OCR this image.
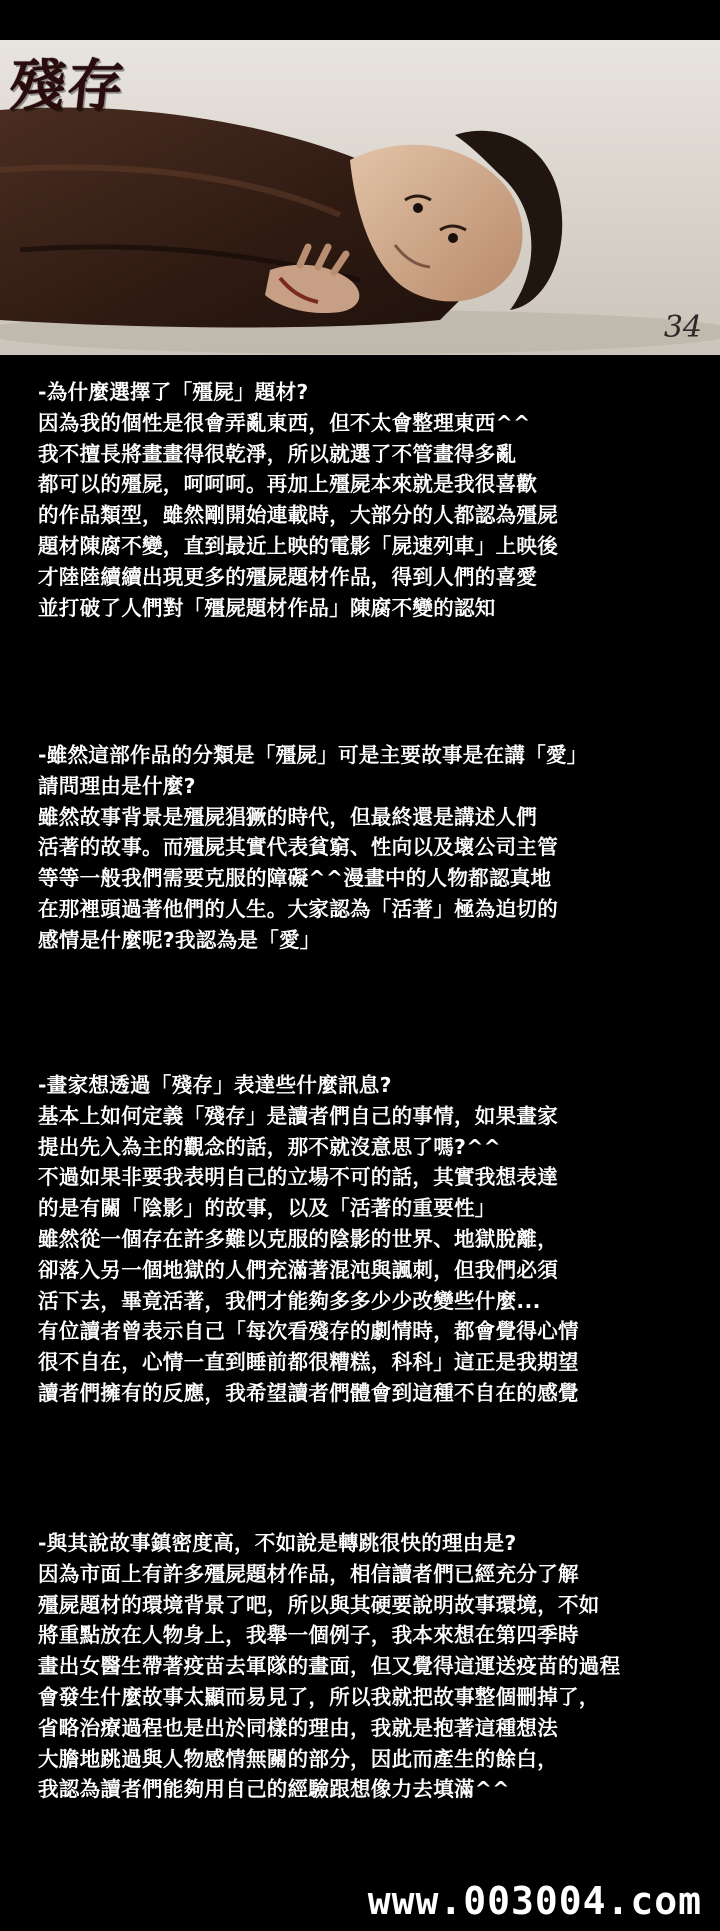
殘存
34
-為什麼選擇了「殭屍」題材?
因為我的個性是很會弄亂東西，但不太會整理東西^^
我不擅長將畫畫得很乾淨，所以就選了不管畫得多亂
都可以的殭屍，呵呵呵。再加上殭屍本來就是我很喜歡
的作品類型，雖然剛開始連載時，大部分的人都認為殭屍
題材陳腐不變，直到最近上映的電影「屍速列車」上映後
才陸陸續續出現更多的殭屍題材作品，得到人們的喜愛
並打破了人們對「殭屍題材作品」陳腐不變的認知
-雖然這部作品的分類是「殭屍」可是主要故事是在講「愛」
請問理由是什麼?
雖然故事背景是殭屍猖獗的時代，但最終還是講述人們
活著的故事。而殭屍其實代表貧窮、性向以及壞公司主管
等等一般我們需要克服的障礙^^漫畫中的人物都認真地
在那裡頭過著他們的人生。大家認為「活著」極為迫切的
感情是什麼呢?我認為是「愛」
-畫家想透過「殘存」表達些什麼訊息?
基本上如何定義「殘存」是讀者們自己的事情，如果畫家
提出先入為主的觀念的話，那不就沒意思了嗎?^^
不過如果非要我表明自己的立場不可的話，其實我想表達
的是有關「陰影」的故事，以及「活著的重要性」
雖然從一個存在許多難以克服的陰影的世界、地獄脫離，
卻落入另一個地獄的人們充滿著混沌與諷刺，但我們必須
活下去，畢竟活著，我們才能夠多多少少改變些什麼...
有位讀者曾表示自己「每次看殘存的劇情時，都會覺得心情
很不自在，心情一直到睡前都很糟糕，科科」這正是我期望
讀者們擁有的反應，我希望讀者們體會到這種不自在的感覺
-與其說故事鎮密度高，不如說是轉跳很快的理由是?
因為市面上有許多殭屍題材作品，相信讀者們已經充分了解
殭屍題材的環境背景了吧，所以與其硬要說明故事環境，不如
將重點放在人物身上，我舉一個例子，我本來想在第四季時
畫出女醫生帶著疫苗去軍隊的畫面，但又覺得這運送疫苗的過程
會發生什麼故事太顯而易見了，所以我就把故事整個刪掉了，
省略治療過程也是出於同樣的理由，我就是抱著這種想法
大膽地跳過與人物感情無關的部分，因此而產生的餘白，
我認為讀者們能夠用自己的經驗跟想像力去填滿^^
www.003004.com
